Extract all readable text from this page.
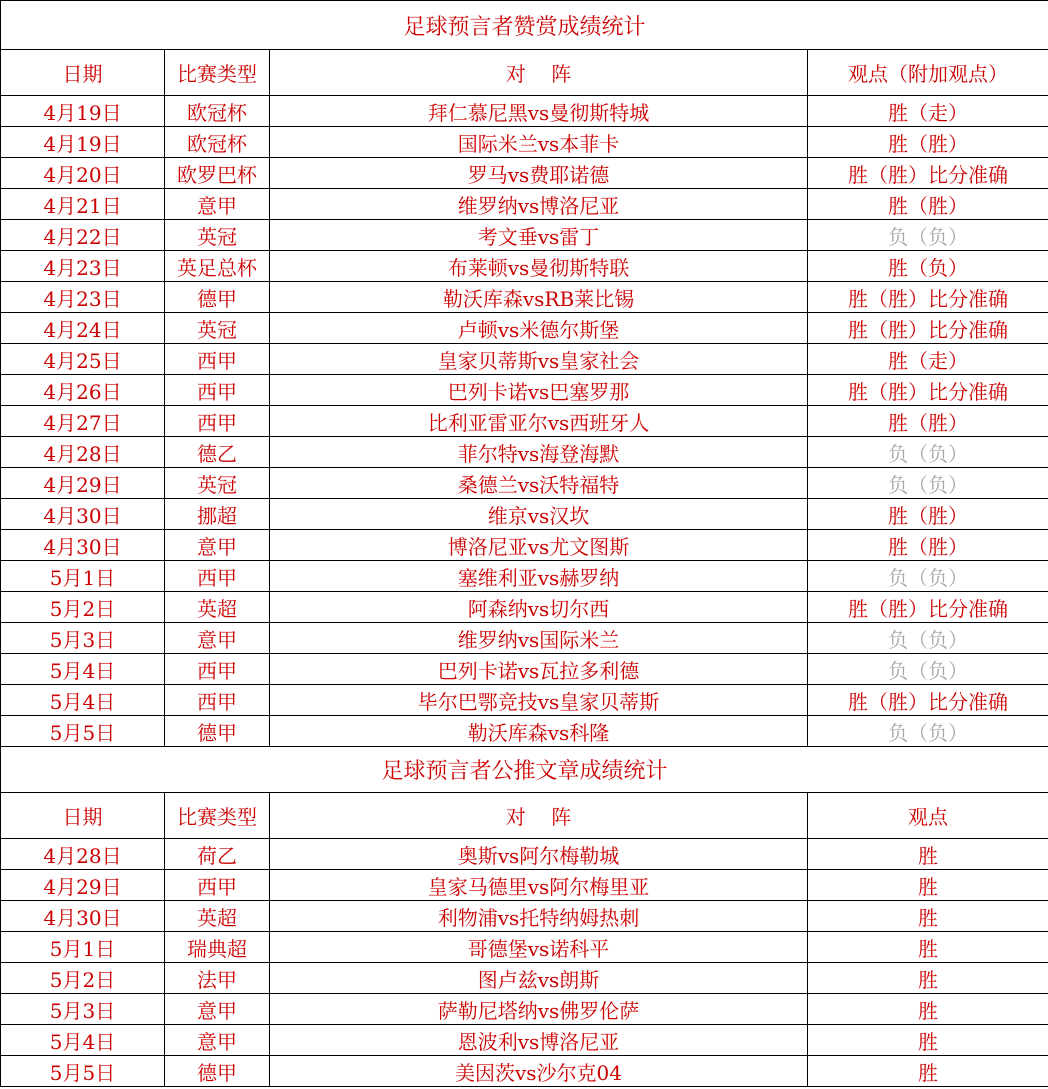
足球预言者赞赏成绩统计			
日期	比赛类型	对    阵	观点（附加观点）
4月19日	欧冠杯	拜仁慕尼黑vs曼彻斯特城	胜（走）
4月19日	欧冠杯	国际米兰vs本菲卡	胜（胜）
4月20日	欧罗巴杯	罗马vs费耶诺德	胜（胜）比分准确
4月21日	意甲	维罗纳vs博洛尼亚	胜（胜）
4月22日	英冠	考文垂vs雷丁	负（负）
4月23日	英足总杯	布莱顿vs曼彻斯特联	胜（负）
4月23日	德甲	勒沃库森vsRB莱比锡	胜（胜）比分准确
4月24日	英冠	卢顿vs米德尔斯堡	胜（胜）比分准确
4月25日	西甲	皇家贝蒂斯vs皇家社会	胜（走）
4月26日	西甲	巴列卡诺vs巴塞罗那	胜（胜）比分准确
4月27日	西甲	比利亚雷亚尔vs西班牙人	胜（胜）
4月28日	德乙	菲尔特vs海登海默	负（负）
4月29日	英冠	桑德兰vs沃特福特	负（负）
4月30日	挪超	维京vs汉坎	胜（胜）
4月30日	意甲	博洛尼亚vs尤文图斯	胜（胜）
5月1日	西甲	塞维利亚vs赫罗纳	负（负）
5月2日	英超	阿森纳vs切尔西	胜（胜）比分准确
5月3日	意甲	维罗纳vs国际米兰	负（负）
5月4日	西甲	巴列卡诺vs瓦拉多利德	负（负）
5月4日	西甲	毕尔巴鄂竞技vs皇家贝蒂斯	胜（胜）比分准确
5月5日	德甲	勒沃库森vs科隆	负（负）
足球预言者公推文章成绩统计			
日期	比赛类型	对    阵	观点
4月28日	荷乙	奥斯vs阿尔梅勒城	胜
4月29日	西甲	皇家马德里vs阿尔梅里亚	胜
4月30日	英超	利物浦vs托特纳姆热刺	胜
5月1日	瑞典超	哥德堡vs诺科平	胜
5月2日	法甲	图卢兹vs朗斯	胜
5月3日	意甲	萨勒尼塔纳vs佛罗伦萨	胜
5月4日	意甲	恩波利vs博洛尼亚	胜
5月5日	德甲	美因茨vs沙尔克04	胜
